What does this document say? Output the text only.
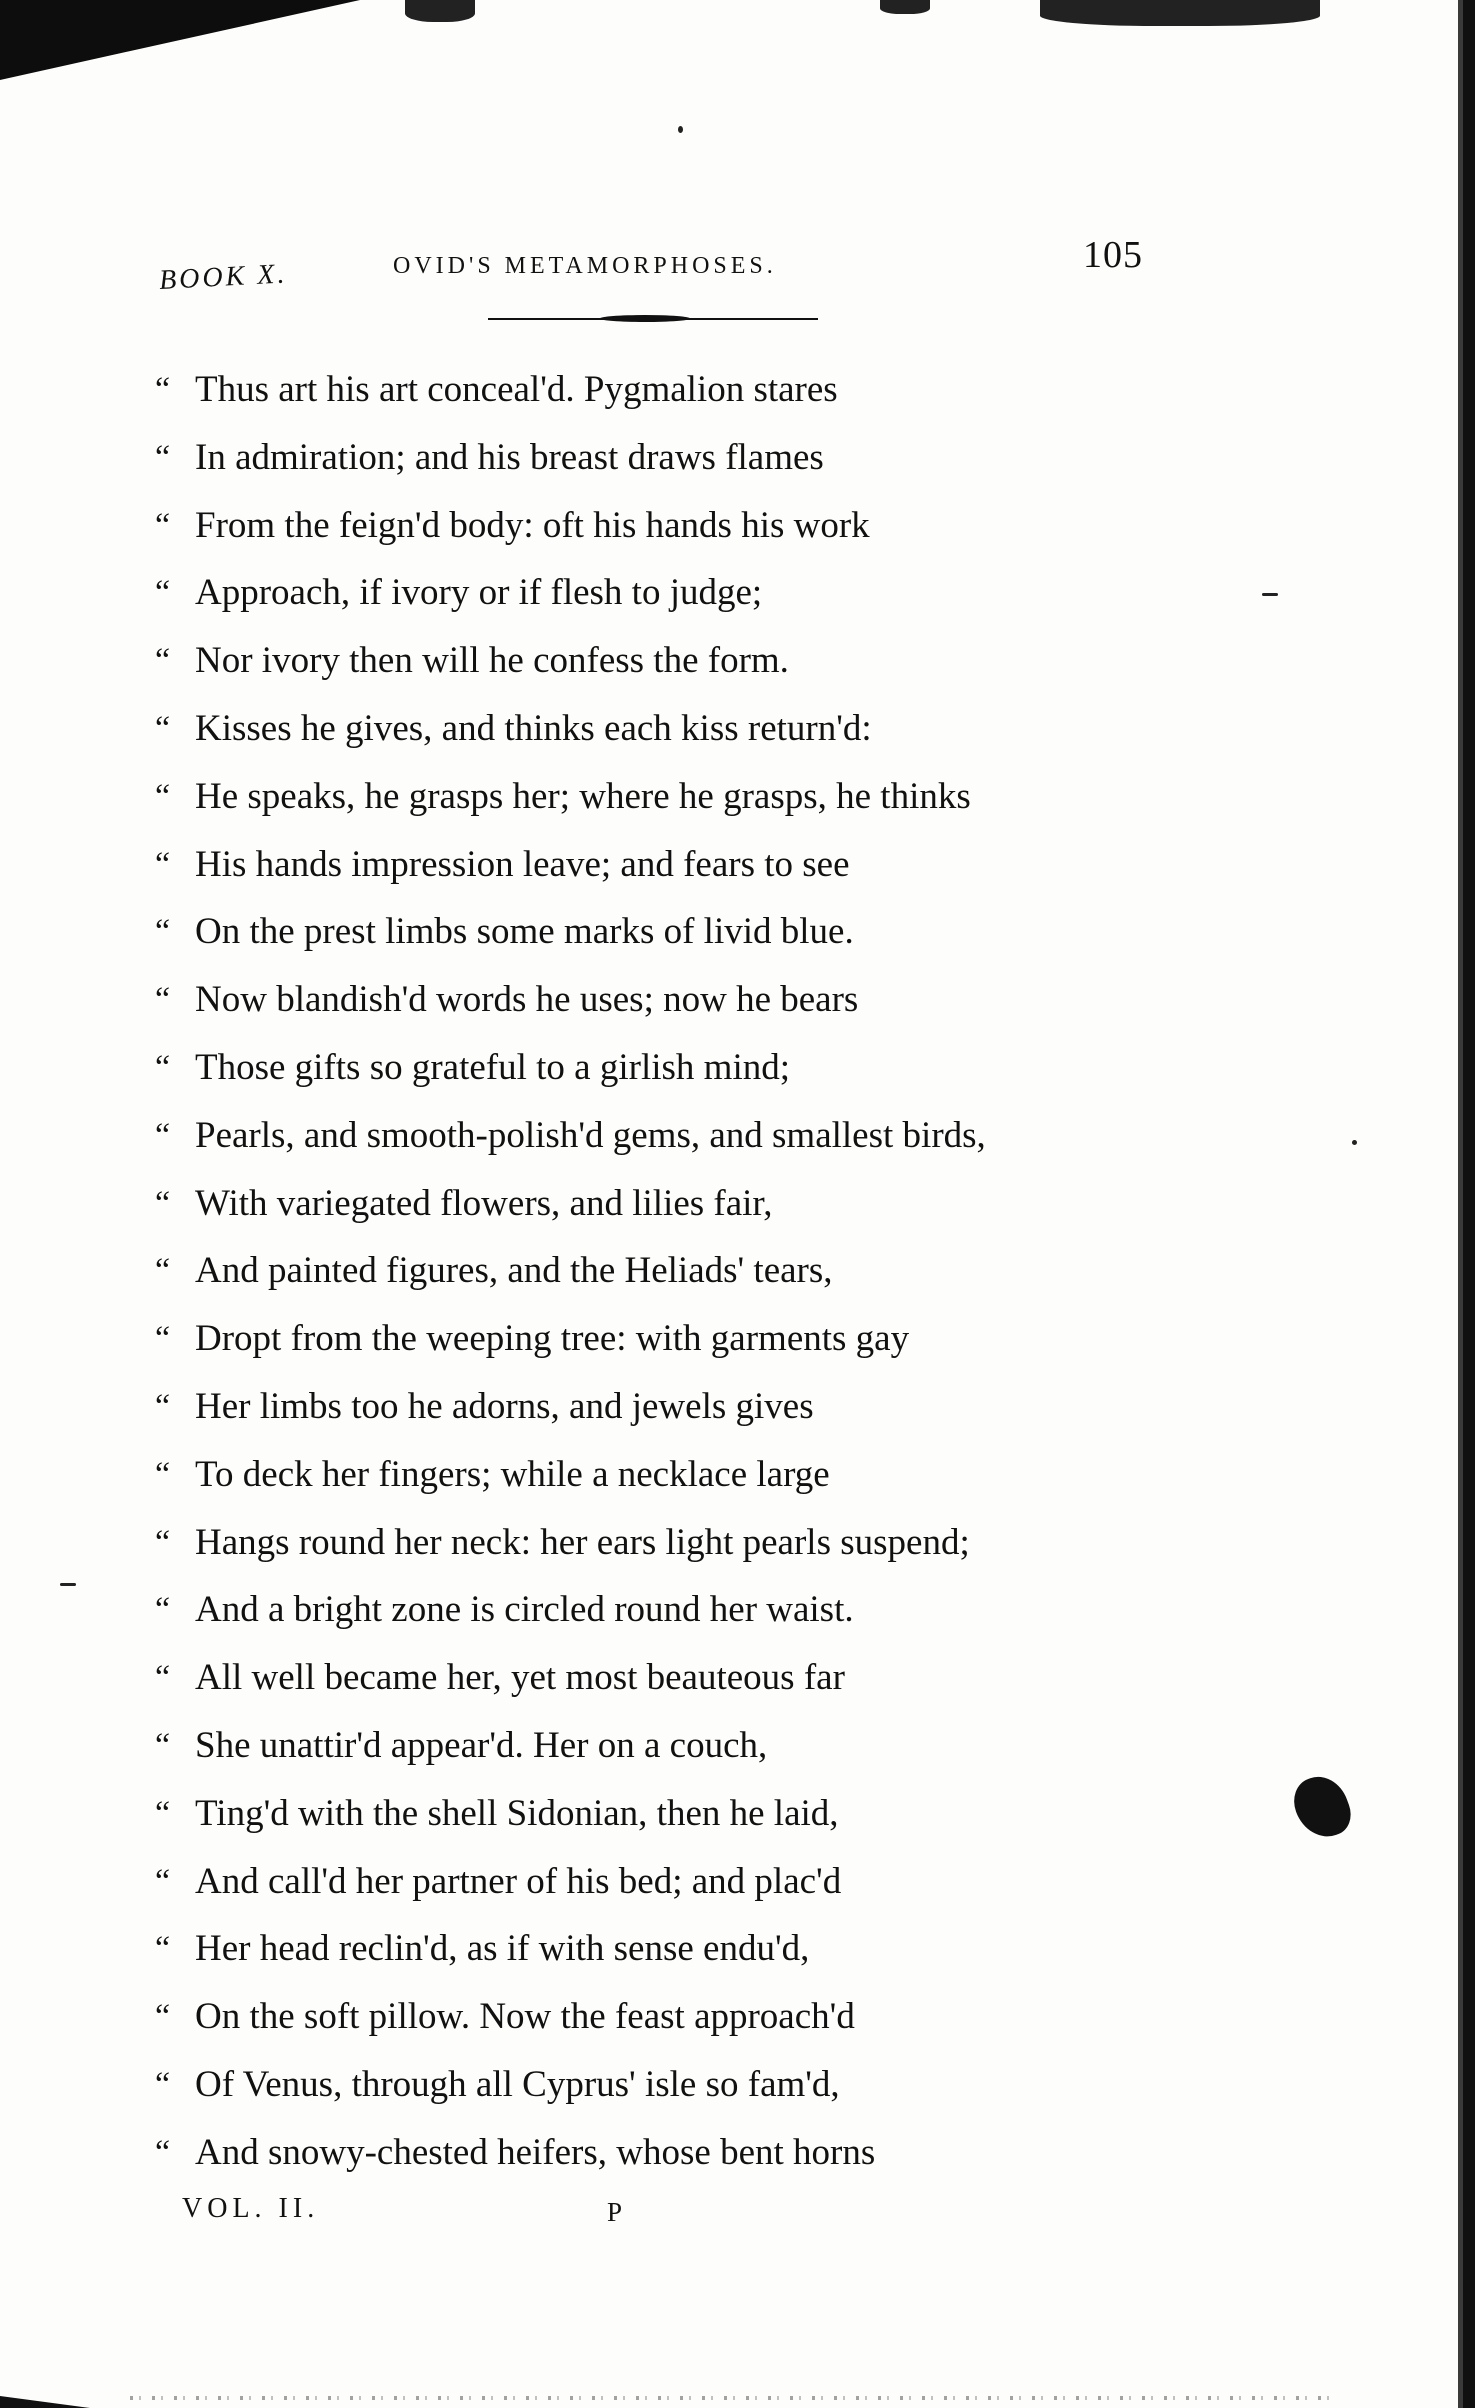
BOOK X.	OVID'S METAMORPHOSES.	105
“ Thus art his art conceal'd. Pygmalion stares
“ In admiration; and his breast draws flames
“ From the feign'd body: oft his hands his work
“ Approach, if ivory or if flesh to judge;
“ Nor ivory then will he confess the form.
“ Kisses he gives, and thinks each kiss return'd:
“ He speaks, he grasps her; where he grasps, he thinks
“ His hands impression leave; and fears to see
“ On the prest limbs some marks of livid blue.
“ Now blandish'd words he uses; now he bears
“ Those gifts so grateful to a girlish mind;
“ Pearls, and smooth-polish'd gems, and smallest birds,
“ With variegated flowers, and lilies fair,
“ And painted figures, and the Heliads' tears,
“ Dropt from the weeping tree: with garments gay
“ Her limbs too he adorns, and jewels gives
“ To deck her fingers; while a necklace large
“ Hangs round her neck: her ears light pearls suspend;
“ And a bright zone is circled round her waist.
“ All well became her, yet most beauteous far
“ She unattir'd appear'd. Her on a couch,
“ Ting'd with the shell Sidonian, then he laid,
“ And call'd her partner of his bed; and plac'd
“ Her head reclin'd, as if with sense endu'd,
“ On the soft pillow. Now the feast approach'd
“ Of Venus, through all Cyprus' isle so fam'd,
“ And snowy-chested heifers, whose bent horns
VOL. II.	P
